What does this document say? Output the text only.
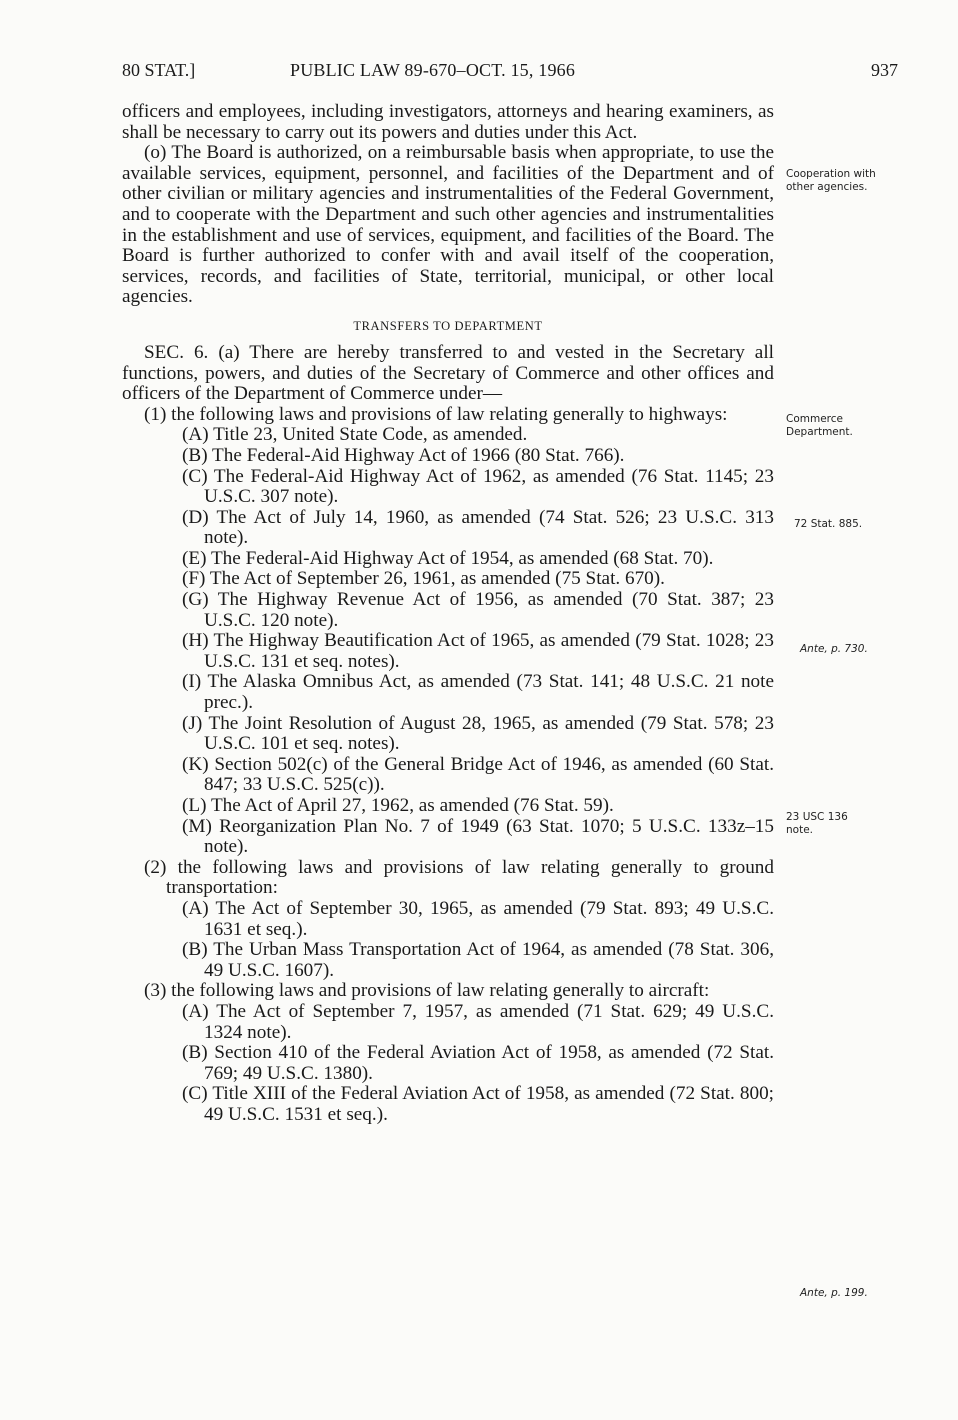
80 STAT.]	PUBLIC LAW 89-670–OCT. 15, 1966	937

officers and employees, including investigators, attorneys and hearing examiners, as shall be necessary to carry out its powers and duties under this Act.

(o) The Board is authorized, on a reimbursable basis when appropriate, to use the available services, equipment, personnel, and facilities of the Department and of other civilian or military agencies and instrumentalities of the Federal Government, and to cooperate with the Department and such other agencies and instrumentalities in the establishment and use of services, equipment, and facilities of the Board. The Board is further authorized to confer with and avail itself of the cooperation, services, records, and facilities of State, territorial, municipal, or other local agencies.

TRANSFERS TO DEPARTMENT

SEC. 6. (a) There are hereby transferred to and vested in the Secretary all functions, powers, and duties of the Secretary of Commerce and other offices and officers of the Department of Commerce under—

(1) the following laws and provisions of law relating generally to highways:

(A) Title 23, United State Code, as amended.

(B) The Federal-Aid Highway Act of 1966 (80 Stat. 766).

(C) The Federal-Aid Highway Act of 1962, as amended (76 Stat. 1145; 23 U.S.C. 307 note).

(D) The Act of July 14, 1960, as amended (74 Stat. 526; 23 U.S.C. 313 note).

(E) The Federal-Aid Highway Act of 1954, as amended (68 Stat. 70).

(F) The Act of September 26, 1961, as amended (75 Stat. 670).

(G) The Highway Revenue Act of 1956, as amended (70 Stat. 387; 23 U.S.C. 120 note).

(H) The Highway Beautification Act of 1965, as amended (79 Stat. 1028; 23 U.S.C. 131 et seq. notes).

(I) The Alaska Omnibus Act, as amended (73 Stat. 141; 48 U.S.C. 21 note prec.).

(J) The Joint Resolution of August 28, 1965, as amended (79 Stat. 578; 23 U.S.C. 101 et seq. notes).

(K) Section 502(c) of the General Bridge Act of 1946, as amended (60 Stat. 847; 33 U.S.C. 525(c)).

(L) The Act of April 27, 1962, as amended (76 Stat. 59).

(M) Reorganization Plan No. 7 of 1949 (63 Stat. 1070; 5 U.S.C. 133z–15 note).

(2) the following laws and provisions of law relating generally to ground transportation:

(A) The Act of September 30, 1965, as amended (79 Stat. 893; 49 U.S.C. 1631 et seq.).

(B) The Urban Mass Transportation Act of 1964, as amended (78 Stat. 306, 49 U.S.C. 1607).

(3) the following laws and provisions of law relating generally to aircraft:

(A) The Act of September 7, 1957, as amended (71 Stat. 629; 49 U.S.C. 1324 note).

(B) Section 410 of the Federal Aviation Act of 1958, as amended (72 Stat. 769; 49 U.S.C. 1380).

(C) Title XIII of the Federal Aviation Act of 1958, as amended (72 Stat. 800; 49 U.S.C. 1531 et seq.).

Cooperation with other agencies.
Commerce Department.
72 Stat. 885.
Ante, p. 730.
23 USC 136 note.
Ante, p. 199.
